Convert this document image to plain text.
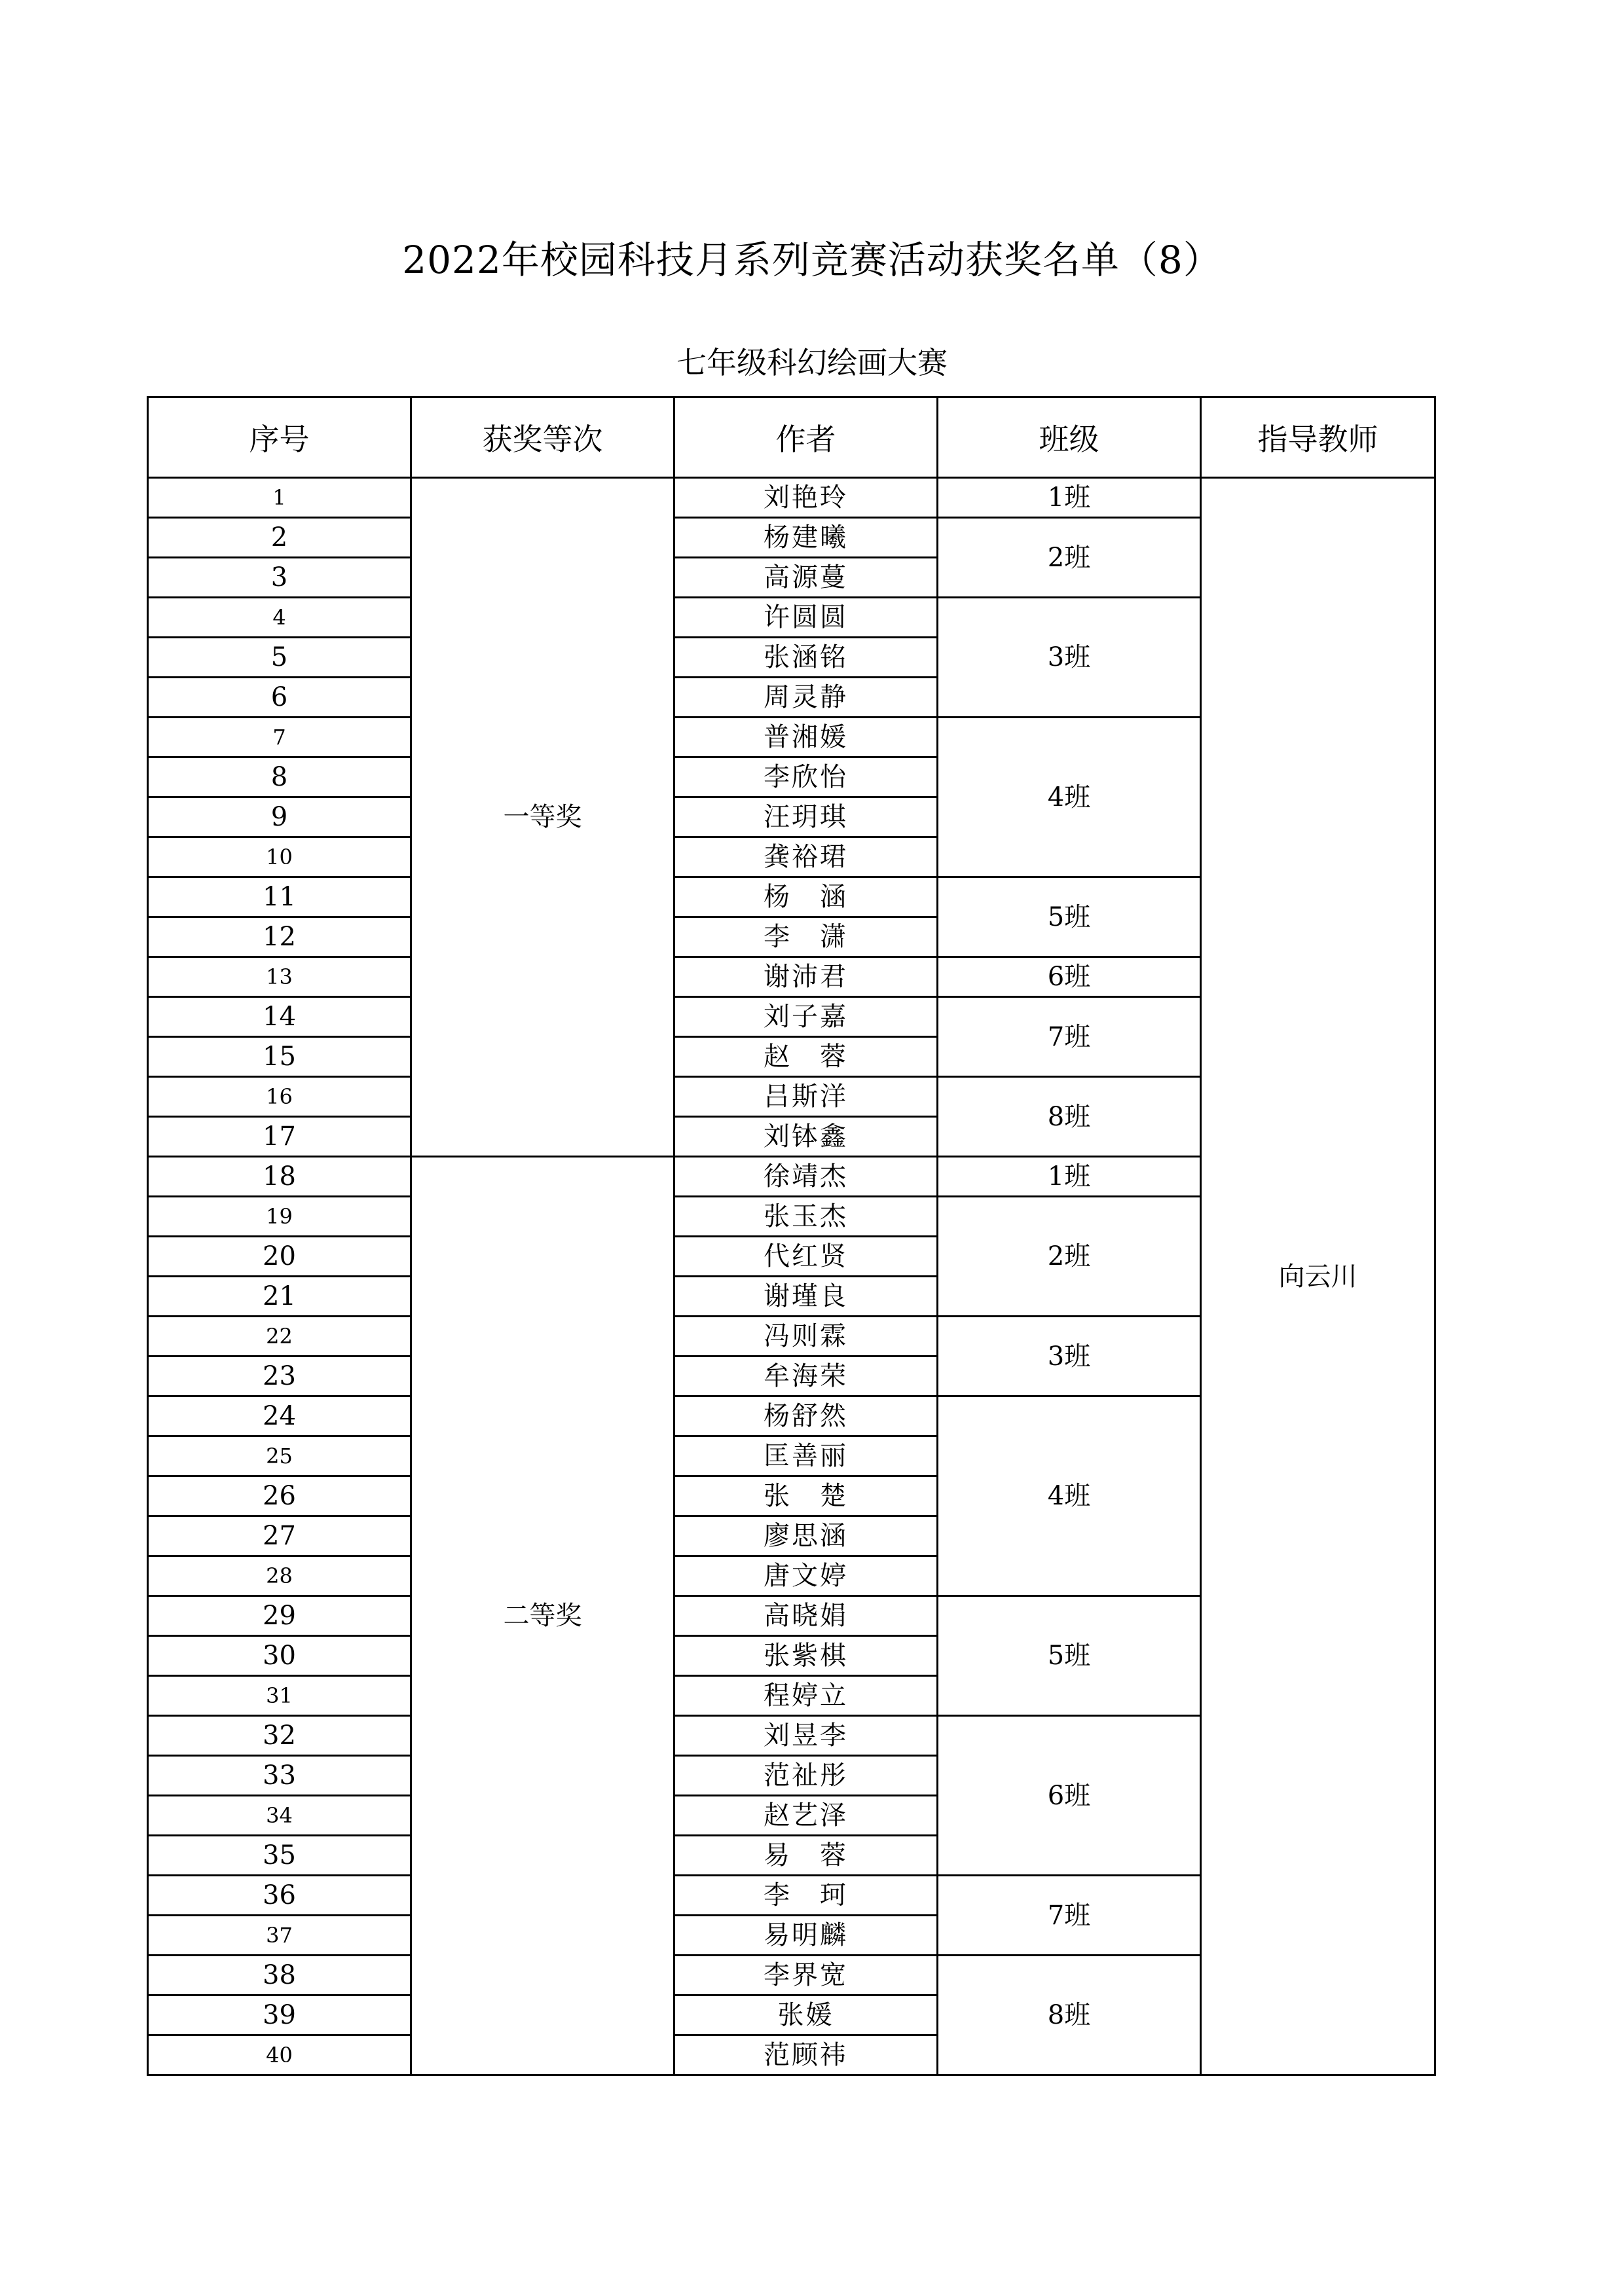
2022年校园科技月系列竞赛活动获奖名单（8）
七年级科幻绘画大赛
序号	获奖等次	作者	班级	指导教师
1	一等奖	刘艳玲	1班	向云川
2		杨建曦	2班	
3		高源蔓		
4		许圆圆	3班	
5		张涵铭		
6		周灵静		
7		普湘媛	4班	
8		李欣怡		
9		汪玥琪		
10		龚裕珺		
11		杨　涵	5班	
12		李　潇		
13		谢沛君	6班	
14		刘子嘉	7班	
15		赵　蓉		
16		吕斯洋	8班	
17		刘钵鑫		
18	二等奖	徐靖杰	1班	
19		张玉杰	2班	
20		代红贤		
21		谢瑾良		
22		冯则霖	3班	
23		牟海荣		
24		杨舒然	4班	
25		匡善丽		
26		张　楚		
27		廖思涵		
28		唐文婷		
29		高晓娟	5班	
30		张紫棋		
31		程婷立		
32		刘昱李	6班	
33		范祉彤		
34		赵艺泽		
35		易　蓉		
36		李　珂	7班	
37		易明麟		
38		李界宽	8班	
39		张媛		
40		范顾祎		
